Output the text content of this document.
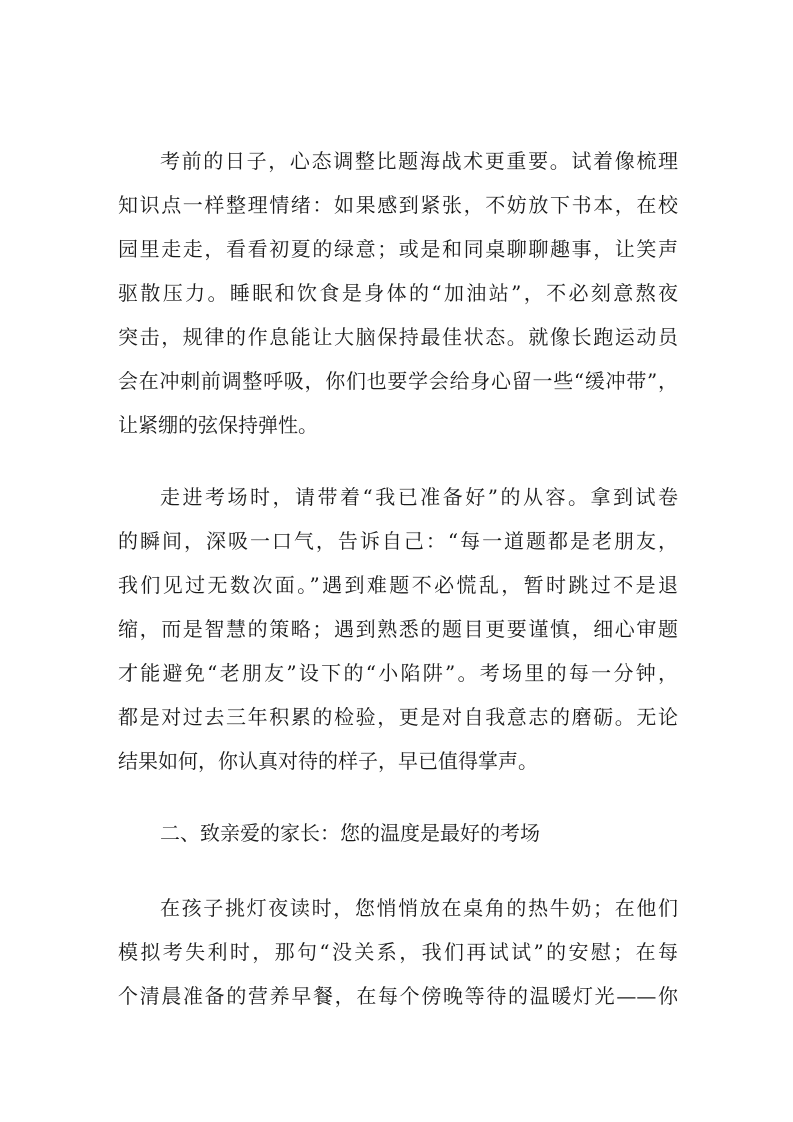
考前的日子，心态调整比题海战术更重要。试着像梳理
知识点一样整理情绪：如果感到紧张，不妨放下书本，在校
园里走走，看看初夏的绿意；或是和同桌聊聊趣事，让笑声
驱散压力。睡眠和饮食是身体的“加油站”，不必刻意熬夜
突击，规律的作息能让大脑保持最佳状态。就像长跑运动员
会在冲刺前调整呼吸，你们也要学会给身心留一些“缓冲带”，
让紧绷的弦保持弹性。
走进考场时，请带着“我已准备好”的从容。拿到试卷
的瞬间，深吸一口气，告诉自己：“每一道题都是老朋友，
我们见过无数次面。”遇到难题不必慌乱，暂时跳过不是退
缩，而是智慧的策略；遇到熟悉的题目更要谨慎，细心审题
才能避免“老朋友”设下的“小陷阱”。考场里的每一分钟，
都是对过去三年积累的检验，更是对自我意志的磨砺。无论
结果如何，你认真对待的样子，早已值得掌声。
二、致亲爱的家长：您的温度是最好的考场
在孩子挑灯夜读时，您悄悄放在桌角的热牛奶；在他们
模拟考失利时，那句“没关系，我们再试试”的安慰；在每
个清晨准备的营养早餐，在每个傍晚等待的温暖灯光——你
